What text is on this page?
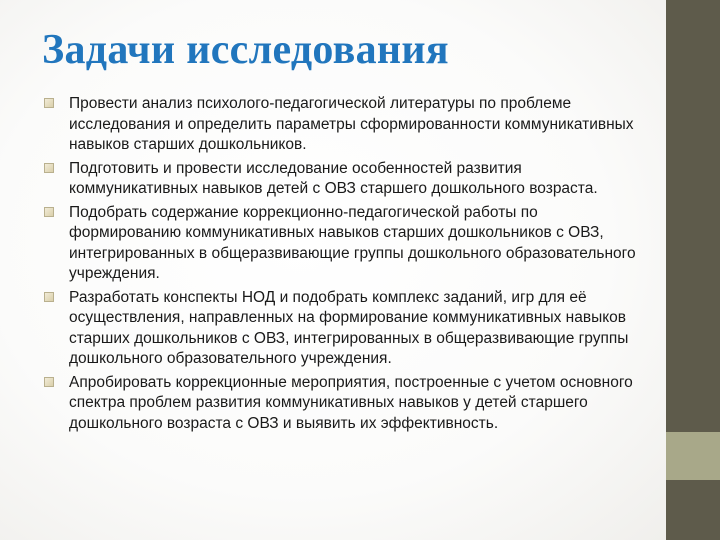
Задачи исследования
Провести анализ психолого-педагогической литературы по проблеме исследования и определить параметры сформированности коммуникативных навыков старших дошкольников.
Подготовить и провести исследование особенностей развития коммуникативных навыков детей с ОВЗ старшего дошкольного возраста.
Подобрать содержание коррекционно-педагогической работы по формированию коммуникативных навыков старших дошкольников с ОВЗ, интегрированных в общеразвивающие группы дошкольного образовательного учреждения.
Разработать конспекты НОД и подобрать комплекс заданий, игр для её осуществления, направленных на формирование коммуникативных навыков старших дошкольников с ОВЗ, интегрированных в общеразвивающие группы дошкольного образовательного учреждения.
Апробировать коррекционные мероприятия, построенные с учетом основного спектра проблем развития коммуникативных навыков у детей старшего дошкольного возраста с ОВЗ и выявить их эффективность.
